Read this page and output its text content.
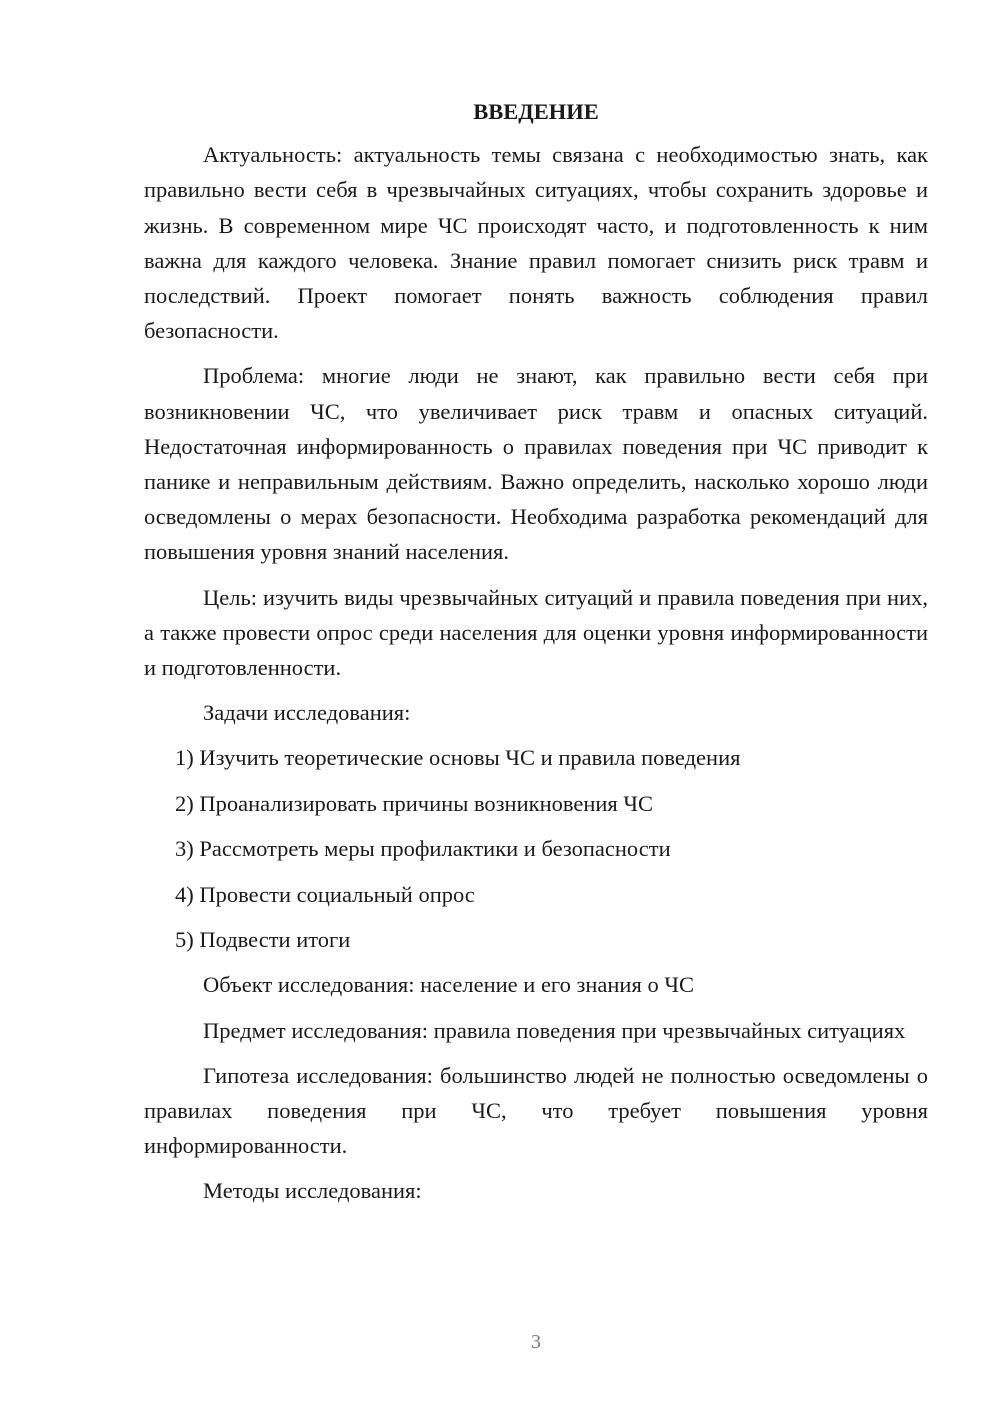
ВВЕДЕНИЕ

Актуальность: актуальность темы связана с необходимостью знать, как правильно вести себя в чрезвычайных ситуациях, чтобы сохранить здоровье и жизнь. В современном мире ЧС происходят часто, и подготовленность к ним важна для каждого человека. Знание правил помогает снизить риск травм и последствий. Проект помогает понять важность соблюдения правил безопасности.

Проблема: многие люди не знают, как правильно вести себя при возникновении ЧС, что увеличивает риск травм и опасных ситуаций. Недостаточная информированность о правилах поведения при ЧС приводит к панике и неправильным действиям. Важно определить, насколько хорошо люди осведомлены о мерах безопасности. Необходима разработка рекомендаций для повышения уровня знаний населения.

Цель: изучить виды чрезвычайных ситуаций и правила поведения при них, а также провести опрос среди населения для оценки уровня информированности и подготовленности.

Задачи исследования:

1) Изучить теоретические основы ЧС и правила поведения
2) Проанализировать причины возникновения ЧС
3) Рассмотреть меры профилактики и безопасности
4) Провести социальный опрос
5) Подвести итоги

Объект исследования: население и его знания о ЧС

Предмет исследования: правила поведения при чрезвычайных ситуациях

Гипотеза исследования: большинство людей не полностью осведомлены о правилах поведения при ЧС, что требует повышения уровня информированности.

Методы исследования:

3
